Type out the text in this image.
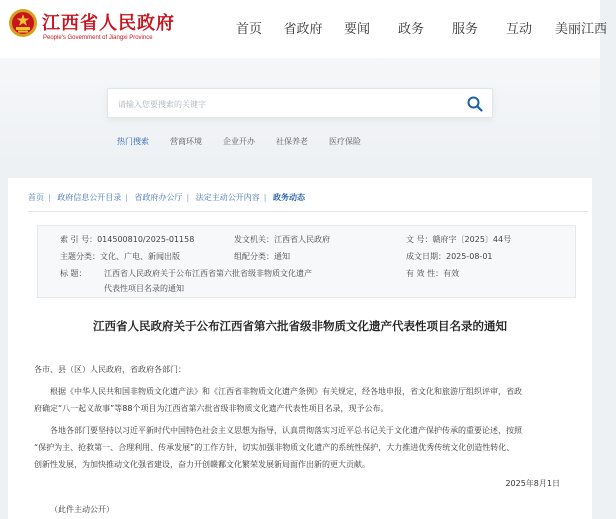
江西省人民政府
People's Government of Jiangxi Province
首页	省政府	要闻	政务	服务	互动	美丽江西
请输入您要搜索的关键字
热门搜索	营商环境	企业开办	社保养老	医疗保险
首页 | 政府信息公开目录 | 省政府办公厅 | 法定主动公开内容 | 政务动态
索 引 号：014500810/2025-01158	发文机关：江西省人民政府	文 号：赣府字〔2025〕44号
主题分类：文化、广电、新闻出版	组配分类：通知	成文日期：2025-08-01
标 题： 江西省人民政府关于公布江西省第六批省级非物质文化遗产
代表性项目名录的通知
有 效 性：有效
江西省人民政府关于公布江西省第六批省级非物质文化遗产代表性项目名录的通知
各市、县（区）人民政府，省政府各部门：
根据《中华人民共和国非物质文化遗产法》和《江西省非物质文化遗产条例》有关规定，经各地申报，省文化和旅游厅组织评审，省政
府确定“八一起义故事”等88个项目为江西省第六批省级非物质文化遗产代表性项目名录，现予公布。
各地各部门要坚持以习近平新时代中国特色社会主义思想为指导，认真贯彻落实习近平总书记关于文化遗产保护传承的重要论述，按照
“保护为主、抢救第一、合理利用、传承发展”的工作方针，切实加强非物质文化遗产的系统性保护，大力推进优秀传统文化创造性转化、
创新性发展，为加快推动文化强省建设，奋力开创赣鄱文化繁荣发展新局面作出新的更大贡献。
2025年8月1日
（此件主动公开）
